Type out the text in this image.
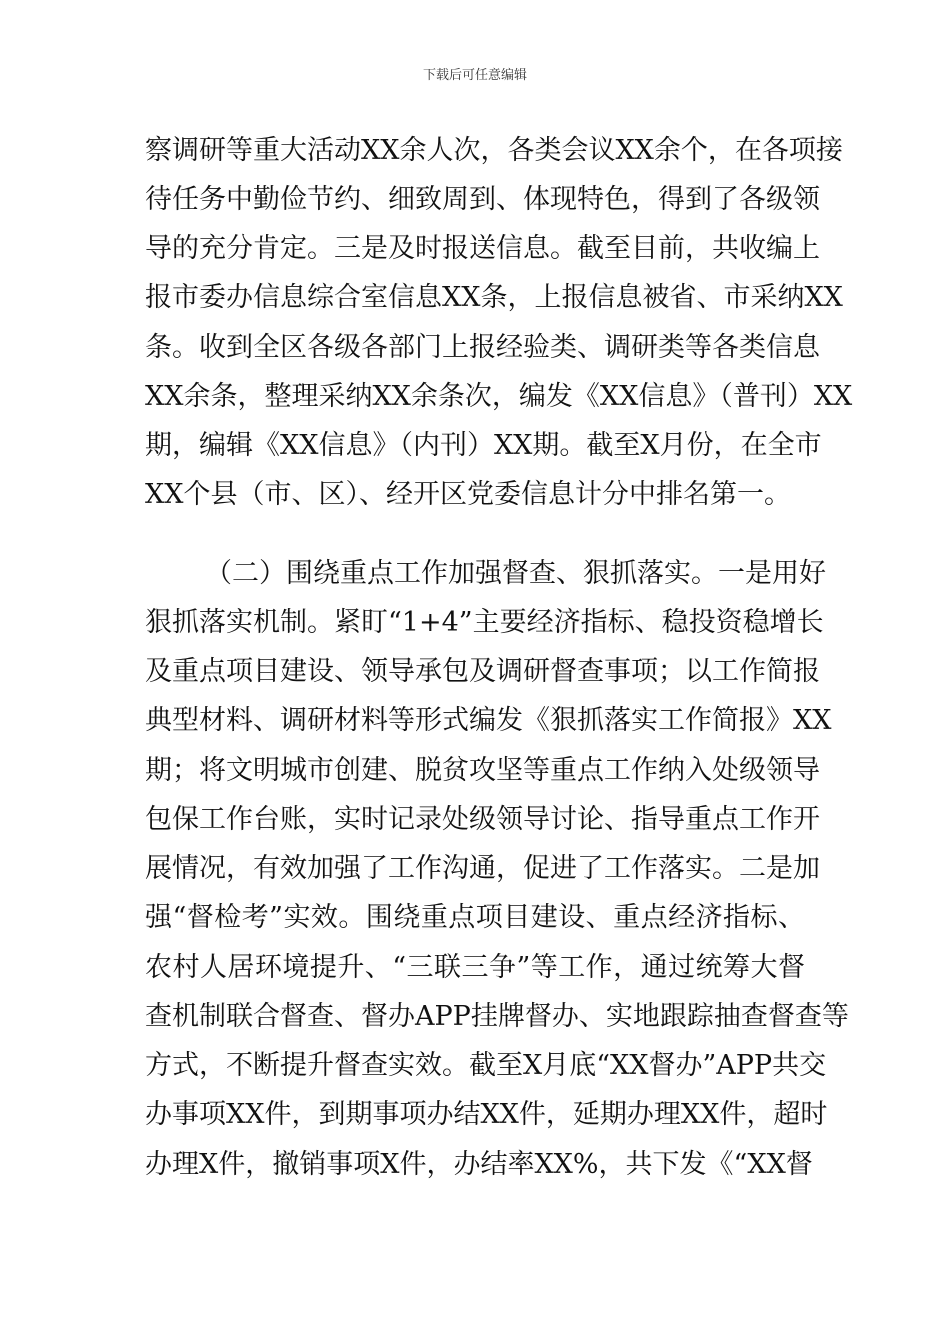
下载后可任意编辑
察调研等重大活动XX余人次，各类会议XX余个，在各项接
待任务中勤俭节约、细致周到、体现特色，得到了各级领
导的充分肯定。三是及时报送信息。截至目前，共收编上
报市委办信息综合室信息XX条，上报信息被省、市采纳XX
条。收到全区各级各部门上报经验类、调研类等各类信息
XX余条，整理采纳XX余条次，编发《XX信息》（普刊）XX
期，编辑《XX信息》（内刊）XX期。截至X月份，在全市
XX个县（市、区）、经开区党委信息计分中排名第一。
（二）围绕重点工作加强督查、狠抓落实。一是用好
狠抓落实机制。紧盯“1+4”主要经济指标、稳投资稳增长
及重点项目建设、领导承包及调研督查事项；以工作简报
典型材料、调研材料等形式编发《狠抓落实工作简报》XX
期；将文明城市创建、脱贫攻坚等重点工作纳入处级领导
包保工作台账，实时记录处级领导讨论、指导重点工作开
展情况，有效加强了工作沟通，促进了工作落实。二是加
强“督检考”实效。围绕重点项目建设、重点经济指标、
农村人居环境提升、“三联三争”等工作，通过统筹大督
查机制联合督查、督办APP挂牌督办、实地跟踪抽查督查等
方式，不断提升督查实效。截至X月底“XX督办”APP共交
办事项XX件，到期事项办结XX件，延期办理XX件，超时
办理X件，撤销事项X件，办结率XX%，共下发《“XX督
